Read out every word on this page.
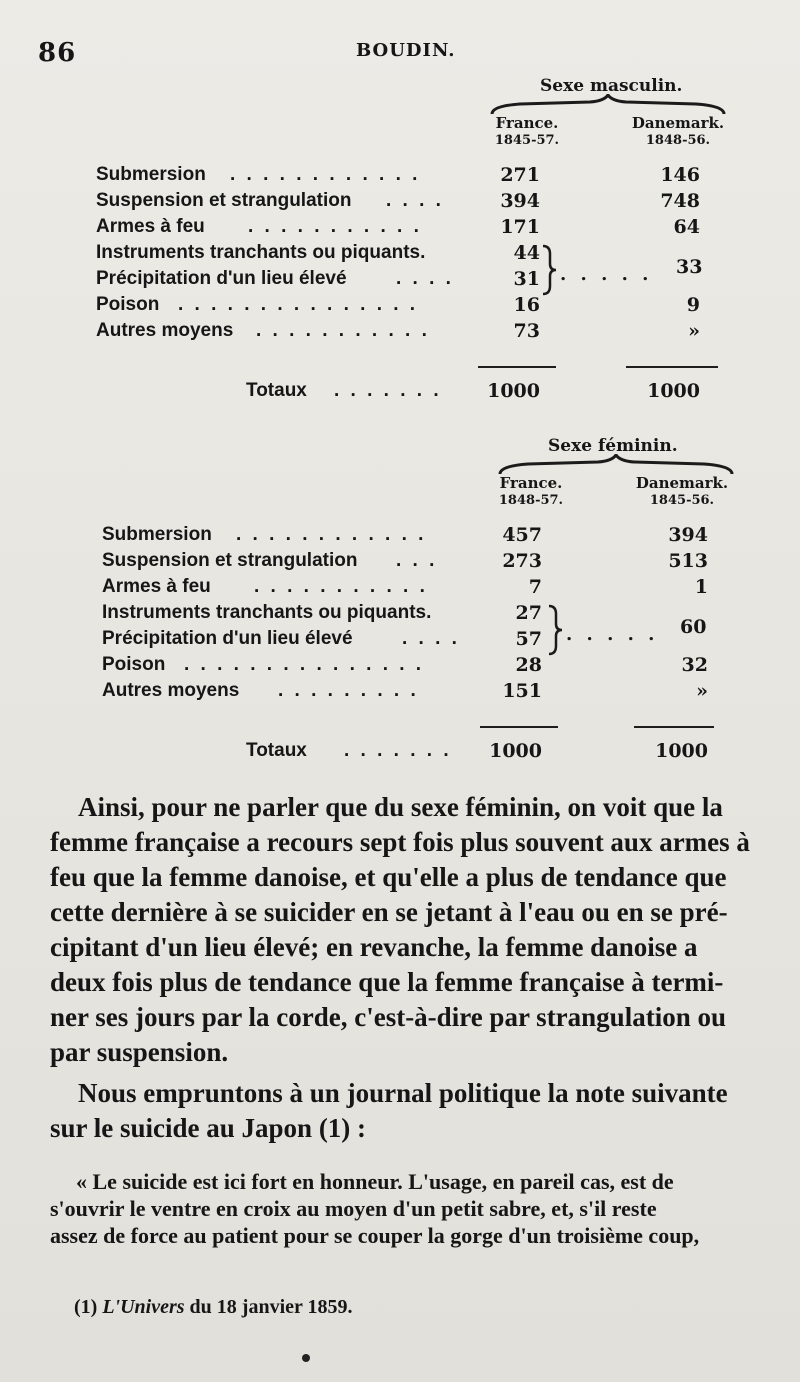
86	BOUDIN.
Sexe masculin.
France.
1845-57.
Danemark.
1848-56.
Submersion . . . . . . . . . . . .	271	146
Suspension et strangulation . . . .	394	748
Armes à feu . . . . . . . . . . .	171	64
Instruments tranchants ou piquants.	44
Précipitation d'un lieu élevé	. . . .	31 . . . . . 33
Poison . . . . . . . . . . . . . . .	16	9
Autres moyens . . . . . . . . . . .	73	»
Totaux . . . . . . .	1000	1000
Sexe féminin.
France.
1848-57.
Danemark.
1845-56.
Submersion . . . . . . . . . . . .	457	394
Suspension et strangulation . . .	273	513
Armes à feu . . . . . . . . . . .	7	1
Instruments tranchants ou piquants.	27
Précipitation d'un lieu élevé	. . . .	57 . . . . . 60
Poison . . . . . . . . . . . . . . .	28	32
Autres moyens . . . . . . . . .	151	»
Totaux . . . . . . .	1000	1000
Ainsi, pour ne parler que du sexe féminin, on voit que la
femme française a recours sept fois plus souvent aux armes à
feu que la femme danoise, et qu'elle a plus de tendance que
cette dernière à se suicider en se jetant à l'eau ou en se pré-
cipitant d'un lieu élevé; en revanche, la femme danoise a
deux fois plus de tendance que la femme française à termi-
ner ses jours par la corde, c'est-à-dire par strangulation ou
par suspension.
Nous empruntons à un journal politique la note suivante
sur le suicide au Japon (1) :
« Le suicide est ici fort en honneur. L'usage, en pareil cas, est de
s'ouvrir le ventre en croix au moyen d'un petit sabre, et, s'il reste
assez de force au patient pour se couper la gorge d'un troisième coup,
(1) L'Univers du 18 janvier 1859.
